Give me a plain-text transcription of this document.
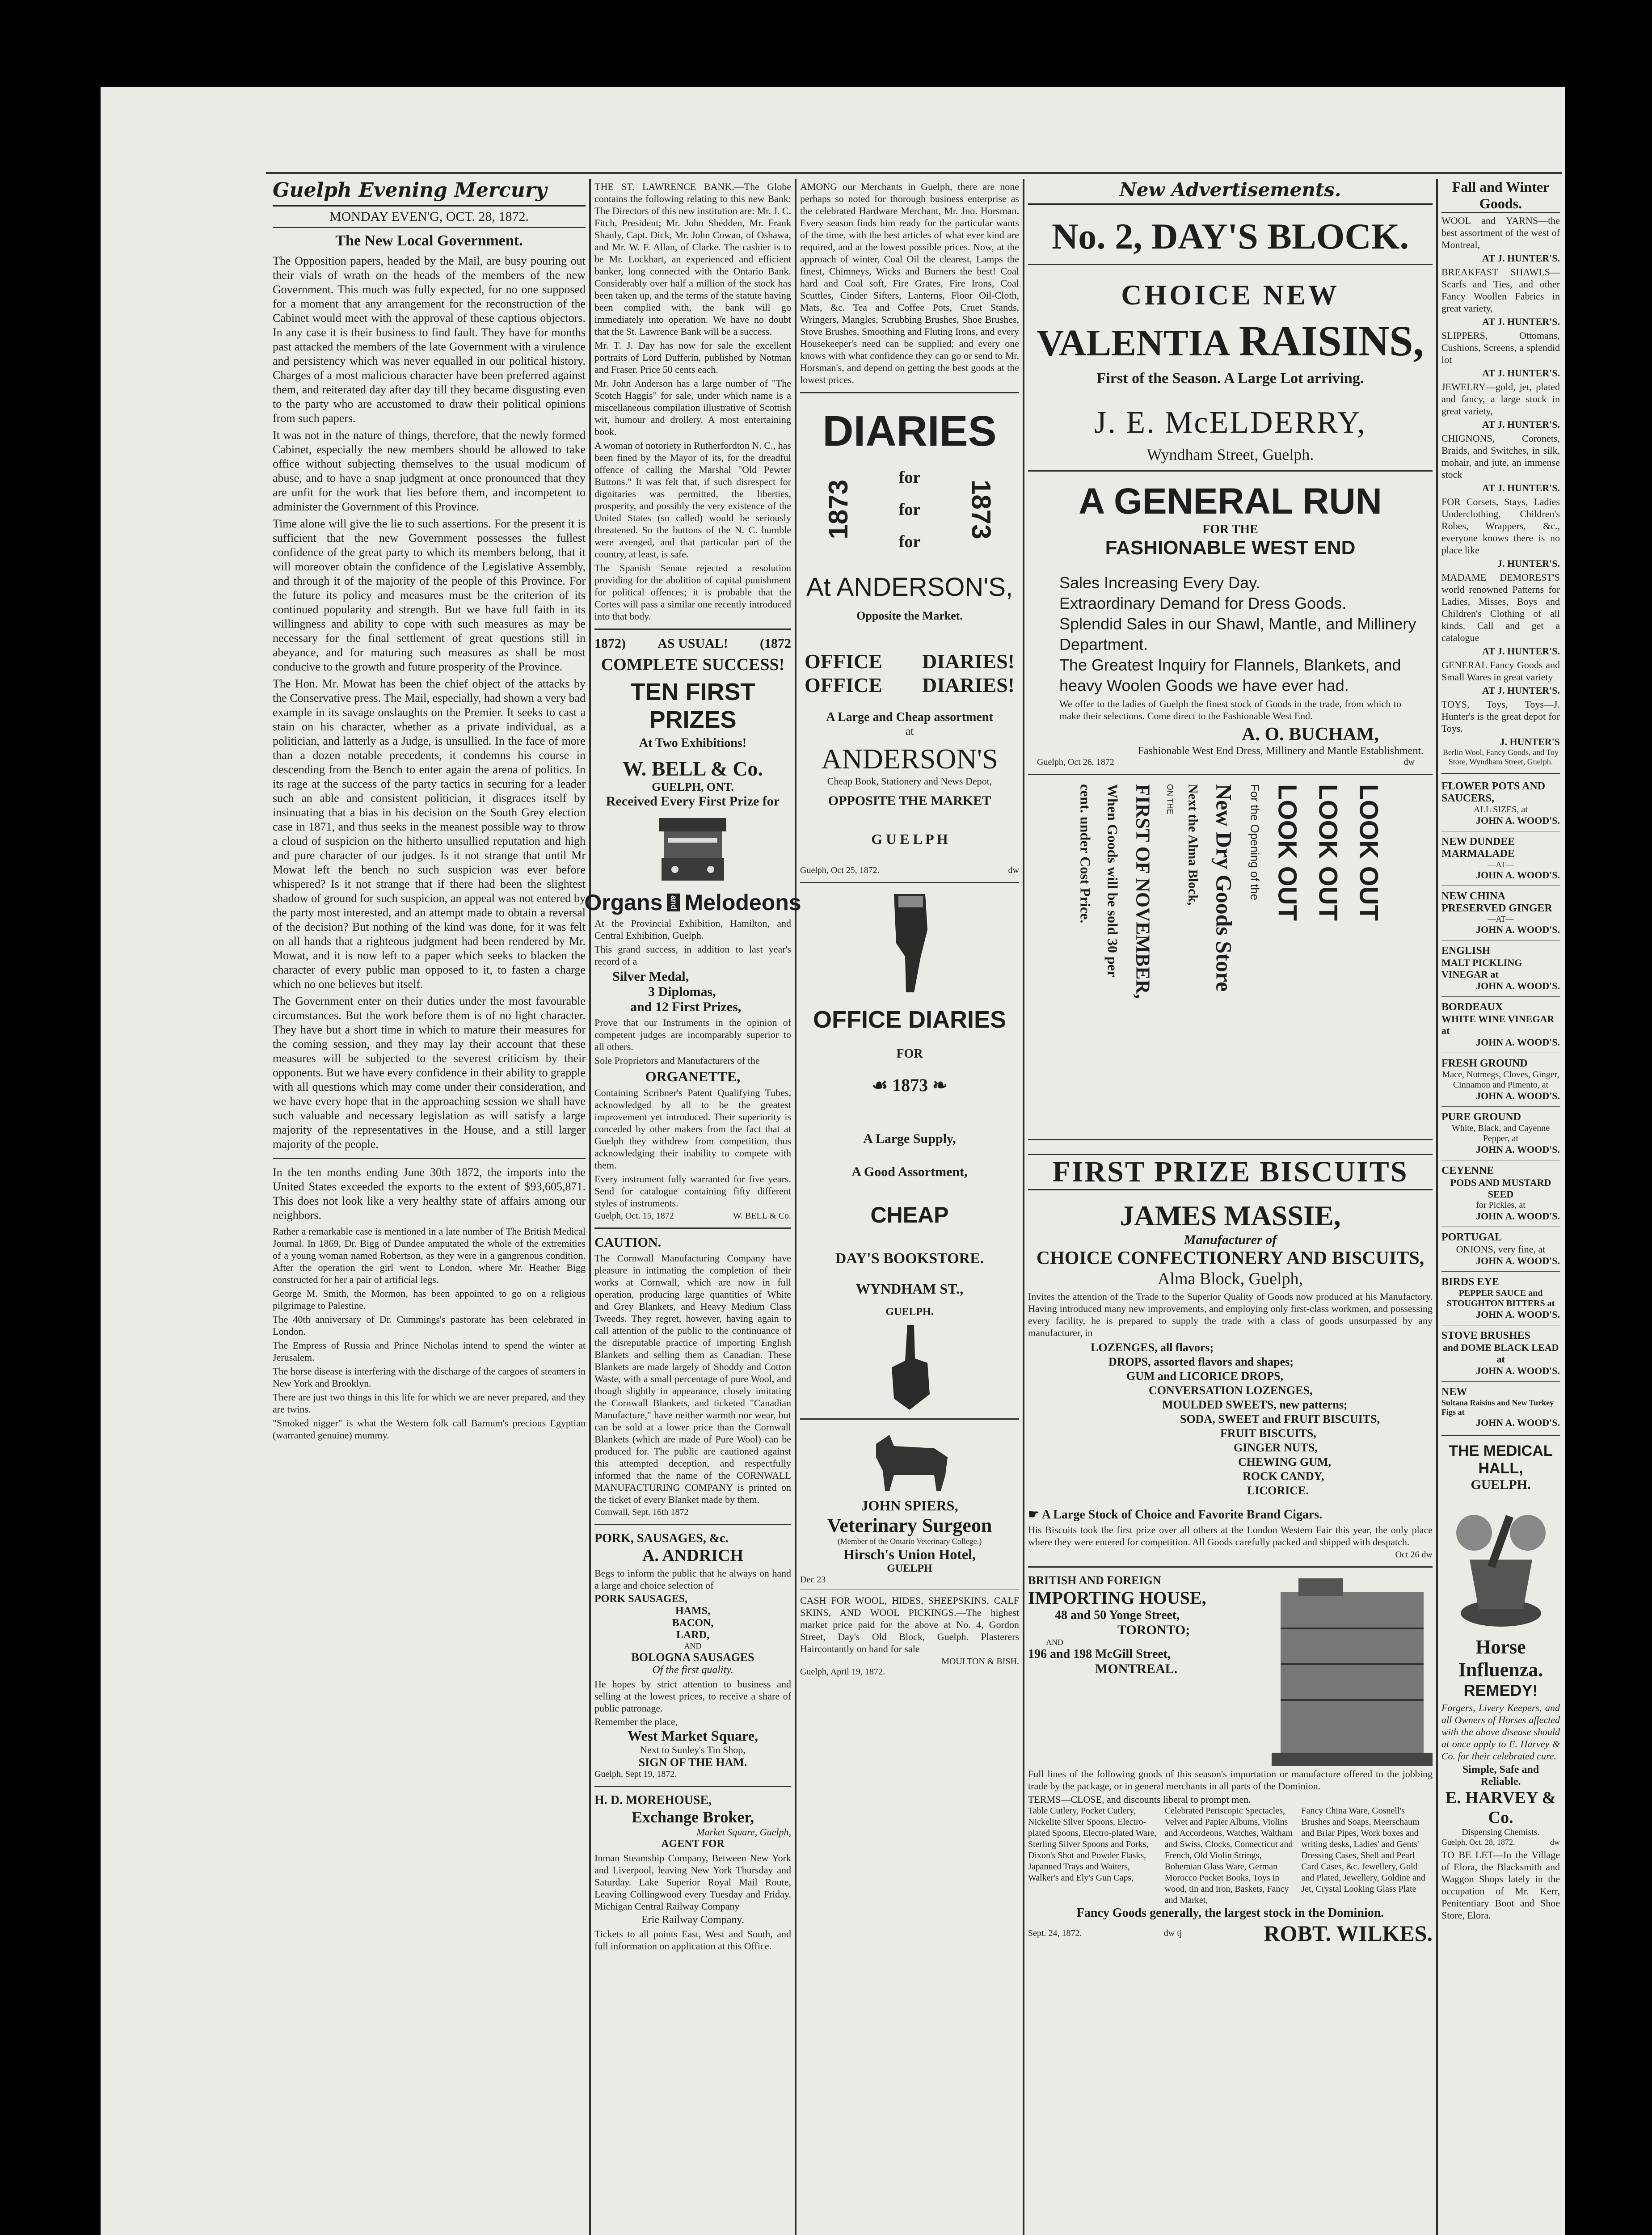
Guelph Evening Mercury
MONDAY EVEN'G, OCT. 28, 1872.
The New Local Government.

The Opposition papers, headed by the Mail, are busy pouring out their vials of wrath on the heads of the members of the new Government. This much was fully expected, for no one supposed for a moment that any arrangement for the reconstruction of the Cabinet would meet with the approval of these captious objectors. In any case it is their business to find fault. They have for months past attacked the members of the late Government with a virulence and persistency which was never equalled in our political history. Charges of a most malicious character have been preferred against them, and reiterated day after day till they became disgusting even to the party who are accustomed to draw their political opinions from such papers.

It was not in the nature of things, therefore, that the newly formed Cabinet, especially the new members should be allowed to take office without subjecting themselves to the usual modicum of abuse, and to have a snap judgment at once pronounced that they are unfit for the work that lies before them, and incompetent to administer the Government of this Province.

Time alone will give the lie to such assertions. For the present it is sufficient that the new Government possesses the fullest confidence of the great party to which its members belong, that it will moreover obtain the confidence of the Legislative Assembly, and through it of the majority of the people of this Province. For the future its policy and measures must be the criterion of its continued popularity and strength. But we have full faith in its willingness and ability to cope with such measures as may be necessary for the final settlement of great questions still in abeyance, and for maturing such measures as shall be most conducive to the growth and future prosperity of the Province.

The Hon. Mr. Mowat has been the chief object of the attacks by the Conservative press. The Mail, especially, had shown a very bad example in its savage onslaughts on the Premier. It seeks to cast a stain on his character, whether as a private individual, as a politician, and latterly as a Judge, is unsullied. In the face of more than a dozen notable precedents, it condemns his course in descending from the Bench to enter again the arena of politics. In its rage at the success of the party tactics in securing for a leader such an able and consistent politician, it disgraces itself by insinuating that a bias in his decision on the South Grey election case in 1871, and thus seeks in the meanest possible way to throw a cloud of suspicion on the hitherto unsullied reputation and high and pure character of our judges. Is it not strange that until Mr Mowat left the bench no such suspicion was ever before whispered? Is it not strange that if there had been the slightest shadow of ground for such suspicion, an appeal was not entered by the party most interested, and an attempt made to obtain a reversal of the decision? But nothing of the kind was done, for it was felt on all hands that a righteous judgment had been rendered by Mr. Mowat, and it is now left to a paper which seeks to blacken the character of every public man opposed to it, to fasten a charge which no one believes but itself.

The Government enter on their duties under the most favourable circumstances. But the work before them is of no light character. They have but a short time in which to mature their measures for the coming session, and they may lay their account that these measures will be subjected to the severest criticism by their opponents. But we have every confidence in their ability to grapple with all questions which may come under their consideration, and we have every hope that in the approaching session we shall have such valuable and necessary legislation as will satisfy a large majority of the representatives in the House, and a still larger majority of the people.

In the ten months ending June 30th 1872, the imports into the United States exceeded the exports to the extent of $93,605,871. This does not look like a very healthy state of affairs among our neighbors.

Rather a remarkable case is mentioned in a late number of The British Medical Journal. In 1869, Dr. Bigg of Dundee amputated the whole of the extremities of a young woman named Robertson, as they were in a gangrenous condition. After the operation the girl went to London, where Mr. Heather Bigg constructed for her a pair of artificial legs.

George M. Smith, the Mormon, has been appointed to go on a religious pilgrimage to Palestine.

The 40th anniversary of Dr. Cummings's pastorate has been celebrated in London.

The Empress of Russia and Prince Nicholas intend to spend the winter at Jerusalem.

The horse disease is interfering with the discharge of the cargoes of steamers in New York and Brooklyn.

There are just two things in this life for which we are never prepared, and they are twins.

"Smoked nigger" is what the Western folk call Barnum's precious Egyptian (warranted genuine) mummy.

THE ST. LAWRENCE BANK.—The Globe contains the following relating to this new Bank: The Directors of this new institution are: Mr. J. C. Fitch, President; Mr. John Shedden, Mr. Frank Shanly, Capt. Dick, Mr. John Cowan, of Oshawa, and Mr. W. F. Allan, of Clarke. The cashier is to be Mr. Lockhart, an experienced and efficient banker, long connected with the Ontario Bank. Considerably over half a million of the stock has been taken up, and the terms of the statute having been complied with, the bank will go immediately into operation. We have no doubt that the St. Lawrence Bank will be a success.

Mr. T. J. Day has now for sale the excellent portraits of Lord Dufferin, published by Notman and Fraser. Price 50 cents each.

Mr. John Anderson has a large number of "The Scotch Haggis" for sale, under which name is a miscellaneous compilation illustrative of Scottish wit, humour and drollery. A most entertaining book.

A woman of notoriety in Rutherfordton N. C., has been fined by the Mayor of its, for the dreadful offence of calling the Marshal "Old Pewter Buttons." It was felt that, if such disrespect for dignitaries was permitted, the liberties, prosperity, and possibly the very existence of the United States (so called) would be seriously threatened. So the buttons of the N. C. bumble were avenged, and that particular part of the country, at least, is safe.

The Spanish Senate rejected a resolution providing for the abolition of capital punishment for political offences; it is probable that the Cortes will pass a similar one recently introduced into that body.

1872) AS USUAL! (1872
COMPLETE SUCCESS!
TEN FIRST PRIZES
At Two Exhibitions!
W. BELL & Co.
GUELPH, ONT.
Received Every First Prize for
Organs and Melodeons

At the Provincial Exhibition, Hamilton, and Central Exhibition, Guelph.

This grand success, in addition to last year's record of a

Silver Medal,
3 Diplomas,
and 12 First Prizes,

Prove that our Instruments in the opinion of competent judges are incomparably superior to all others.

Sole Proprietors and Manufacturers of the

ORGANETTE,

Containing Scribner's Patent Qualifying Tubes, acknowledged by all to be the greatest improvement yet introduced. Their superiority is conceded by other makers from the fact that at Guelph they withdrew from competition, thus acknowledging their inability to compete with them.

Every instrument fully warranted for five years. Send for catalogue containing fifty different styles of instruments.

Guelph, Oct. 15, 1872	W. BELL & Co.
CAUTION.

The Cornwall Manufacturing Company have pleasure in intimating the completion of their works at Cornwall, which are now in full operation, producing large quantities of White and Grey Blankets, and Heavy Medium Class Tweeds. They regret, however, having again to call attention of the public to the continuance of the disreputable practice of importing English Blankets and selling them as Canadian. These Blankets are made largely of Shoddy and Cotton Waste, with a small percentage of pure Wool, and though slightly in appearance, closely imitating the Cornwall Blankets, and ticketed "Canadian Manufacture," have neither warmth nor wear, but can be sold at a lower price than the Cornwall Blankets (which are made of Pure Wool) can be produced for. The public are cautioned against this attempted deception, and respectfully informed that the name of the CORNWALL MANUFACTURING COMPANY is printed on the ticket of every Blanket made by them.

Cornwall, Sept. 16th 1872
PORK, SAUSAGES, &c.
A. ANDRICH

Begs to inform the public that he always on hand a large and choice selection of

PORK SAUSAGES,
HAMS,
BACON,
LARD,
AND
BOLOGNA SAUSAGES
Of the first quality.

He hopes by strict attention to business and selling at the lowest prices, to receive a share of public patronage.

Remember the place,
West Market Square,
Next to Sunley's Tin Shop,
SIGN OF THE HAM.
Guelph, Sept 19, 1872.
H. D. MOREHOUSE,
Exchange Broker,
Market Square, Guelph,
AGENT FOR

Inman Steamship Company, Between New York and Liverpool, leaving New York Thursday and Saturday. Lake Superior Royal Mail Route, Leaving Collingwood every Tuesday and Friday. Michigan Central Railway Company

Erie Railway Company.

Tickets to all points East, West and South, and full information on application at this Office.

AMONG our Merchants in Guelph, there are none perhaps so noted for thorough business enterprise as the celebrated Hardware Merchant, Mr. Jno. Horsman. Every season finds him ready for the particular wants of the time, with the best articles of what ever kind are required, and at the lowest possible prices. Now, at the approach of winter, Coal Oil the clearest, Lamps the finest, Chimneys, Wicks and Burners the best! Coal hard and Coal soft, Fire Grates, Fire Irons, Coal Scuttles, Cinder Sifters, Lanterns, Floor Oil-Cloth, Mats, &c. Tea and Coffee Pots, Cruet Stands, Wringers, Mangles, Scrubbing Brushes, Shoe Brushes, Stove Brushes, Smoothing and Fluting Irons, and every Housekeeper's need can be supplied; and every one knows with what confidence they can go or send to Mr. Horsman's, and depend on getting the best goods at the lowest prices.

DIARIES
1873
for
for
for
1873
At ANDERSON'S,
Opposite the Market.
OFFICE
OFFICE
DIARIES!
DIARIES!
A Large and Cheap assortment
at
ANDERSON'S
Cheap Book, Stationery and News Depot,
OPPOSITE THE MARKET
G U E L P H
Guelph, Oct 25, 1872.	dw
OFFICE DIARIES
FOR
☙ 1873 ❧
A Large Supply,
A Good Assortment,
CHEAP
DAY'S BOOKSTORE.
WYNDHAM ST.,
GUELPH.
JOHN SPIERS,
Veterinary Surgeon
(Member of the Ontario Veterinary College.)
Hirsch's Union Hotel,
GUELPH
Dec 23

CASH FOR WOOL, HIDES, SHEEPSKINS, CALF SKINS, AND WOOL PICKINGS.—The highest market price paid for the above at No. 4, Gordon Street, Day's Old Block, Guelph. Plasterers Haircontantly on hand for sale

MOULTON & BISH.
Guelph, April 19, 1872.
New Advertisements.
No. 2, DAY'S BLOCK.
CHOICE NEW
VALENTIA RAISINS,
First of the Season. A Large Lot arriving.
J. E. McELDERRY,
Wyndham Street, Guelph.
A GENERAL RUN
FOR THE
FASHIONABLE WEST END
Sales Increasing Every Day.
Extraordinary Demand for Dress Goods.
Splendid Sales in our Shawl, Mantle, and Millinery Department.
The Greatest Inquiry for Flannels, Blankets, and heavy Woolen Goods we have ever had.

We offer to the ladies of Guelph the finest stock of Goods in the trade, from which to make their selections. Come direct to the Fashionable West End.

A. O. BUCHAM,
Fashionable West End Dress, Millinery and Mantle Establishment.
Guelph, Oct 26, 1872	dw
LOOK OUT
LOOK OUT
LOOK OUT
For the Opening of the
New Dry Goods Store
Next the Alma Block,
ON THE
FIRST OF NOVEMBER,
When Goods will be sold 30 per
cent. under Cost Price.
FIRST PRIZE BISCUITS
JAMES MASSIE,
Manufacturer of
CHOICE CONFECTIONERY AND BISCUITS,
Alma Block, Guelph,

Invites the attention of the Trade to the Superior Quality of Goods now produced at his Manufactory. Having introduced many new improvements, and employing only first-class workmen, and possessing every facility, he is prepared to supply the trade with a class of goods unsurpassed by any manufacturer, in

LOZENGES, all flavors;
DROPS, assorted flavors and shapes;
GUM and LICORICE DROPS,
CONVERSATION LOZENGES,
MOULDED SWEETS, new patterns;
SODA, SWEET and FRUIT BISCUITS,
FRUIT BISCUITS,
GINGER NUTS,
CHEWING GUM,
ROCK CANDY,
LICORICE.
☛ A Large Stock of Choice and Favorite Brand Cigars.

His Biscuits took the first prize over all others at the London Western Fair this year, the only place where they were entered for competition. All Goods carefully packed and shipped with despatch.

Oct 26 dw
BRITISH AND FOREIGN
IMPORTING HOUSE,
48 and 50 Yonge Street,
TORONTO;
AND
196 and 198 McGill Street,
MONTREAL.

Full lines of the following goods of this season's importation or manufacture offered to the jobbing trade by the package, or in general merchants in all parts of the Dominion.

TERMS—CLOSE, and discounts liberal to prompt men.
Table Cutlery, Pocket Cutlery, Nickelite Silver Spoons, Electro-plated Spoons, Electro-plated Ware, Sterling Silver Spoons and Forks, Dixon's Shot and Powder Flasks, Japanned Trays and Waiters, Walker's and Ely's Gun Caps,
Celebrated Periscopic Spectacles, Velvet and Papier Albums, Violins and Accordeons, Watches, Waltham and Swiss, Clocks, Connecticut and French, Old Violin Strings, Bohemian Glass Ware, German Morocco Pocket Books, Toys in wood, tin and iron, Baskets, Fancy and Market,
Fancy China Ware, Gosnell's Brushes and Soaps, Meerschaum and Briar Pipes, Work boxes and writing desks, Ladies' and Gents' Dressing Cases, Shell and Pearl Card Cases, &c. Jewellery, Gold and Plated, Jewellery, Goldine and Jet, Crystal Looking Glass Plate
Fancy Goods generally, the largest stock in the Dominion.
Sept. 24, 1872.	dw tj	ROBT. WILKES.
Fall and Winter Goods.

WOOL and YARNS—the best assortment of the west of Montreal,

AT J. HUNTER'S.

BREAKFAST SHAWLS—Scarfs and Ties, and other Fancy Woollen Fabrics in great variety,

AT J. HUNTER'S.

SLIPPERS, Ottomans, Cushions, Screens, a splendid lot

AT J. HUNTER'S.

JEWELRY—gold, jet, plated and fancy, a large stock in great variety,

AT J. HUNTER'S.

CHIGNONS, Coronets, Braids, and Switches, in silk, mohair, and jute, an immense stock

AT J. HUNTER'S.

FOR Corsets, Stays, Ladies Underclothing, Children's Robes, Wrappers, &c., everyone knows there is no place like

J. HUNTER'S.

MADAME DEMOREST'S world renowned Patterns for Ladies, Misses, Boys and Children's Clothing of all kinds. Call and get a catalogue

AT J. HUNTER'S.

GENERAL Fancy Goods and Small Wares in great variety

AT J. HUNTER'S.

TOYS, Toys, Toys—J. Hunter's is the great depot for Toys.

J. HUNTER'S
Berlin Wool, Fancy Goods, and Toy Store, Wyndham Street, Guelph.
FLOWER POTS AND SAUCERS,
ALL SIZES, at
JOHN A. WOOD'S.
NEW DUNDEE MARMALADE
—AT—
JOHN A. WOOD'S.
NEW CHINA PRESERVED GINGER
—AT—
JOHN A. WOOD'S.
ENGLISH
MALT PICKLING VINEGAR at
JOHN A. WOOD'S.
BORDEAUX
WHITE WINE VINEGAR at
JOHN A. WOOD'S.
FRESH GROUND
Mace, Nutmegs, Cloves, Ginger, Cinnamon and Pimento, at
JOHN A. WOOD'S.
PURE GROUND
White, Black, and Cayenne Pepper, at
JOHN A. WOOD'S.
CEYENNE
PODS AND MUSTARD SEED
for Pickles, at
JOHN A. WOOD'S.
PORTUGAL
ONIONS, very fine, at
JOHN A. WOOD'S.
BIRDS EYE
PEPPER SAUCE and STOUGHTON BITTERS at
JOHN A. WOOD'S.
STOVE BRUSHES
and DOME BLACK LEAD at
JOHN A. WOOD'S.
NEW
Sultana Raisins and New Turkey Figs at
JOHN A. WOOD'S.
THE MEDICAL HALL,
GUELPH.
Horse Influenza.
REMEDY!

Forgers, Livery Keepers, and all Owners of Horses affected with the above disease should at once apply to E. Harvey & Co. for their celebrated cure.

Simple, Safe and Reliable.
E. HARVEY & Co.
Dispensing Chemists.
Guelph, Oct. 28, 1872.	dw

TO BE LET—In the Village of Elora, the Blacksmith and Waggon Shops lately in the occupation of Mr. Kerr, Penitentiary Boot and Shoe Store, Elora.
